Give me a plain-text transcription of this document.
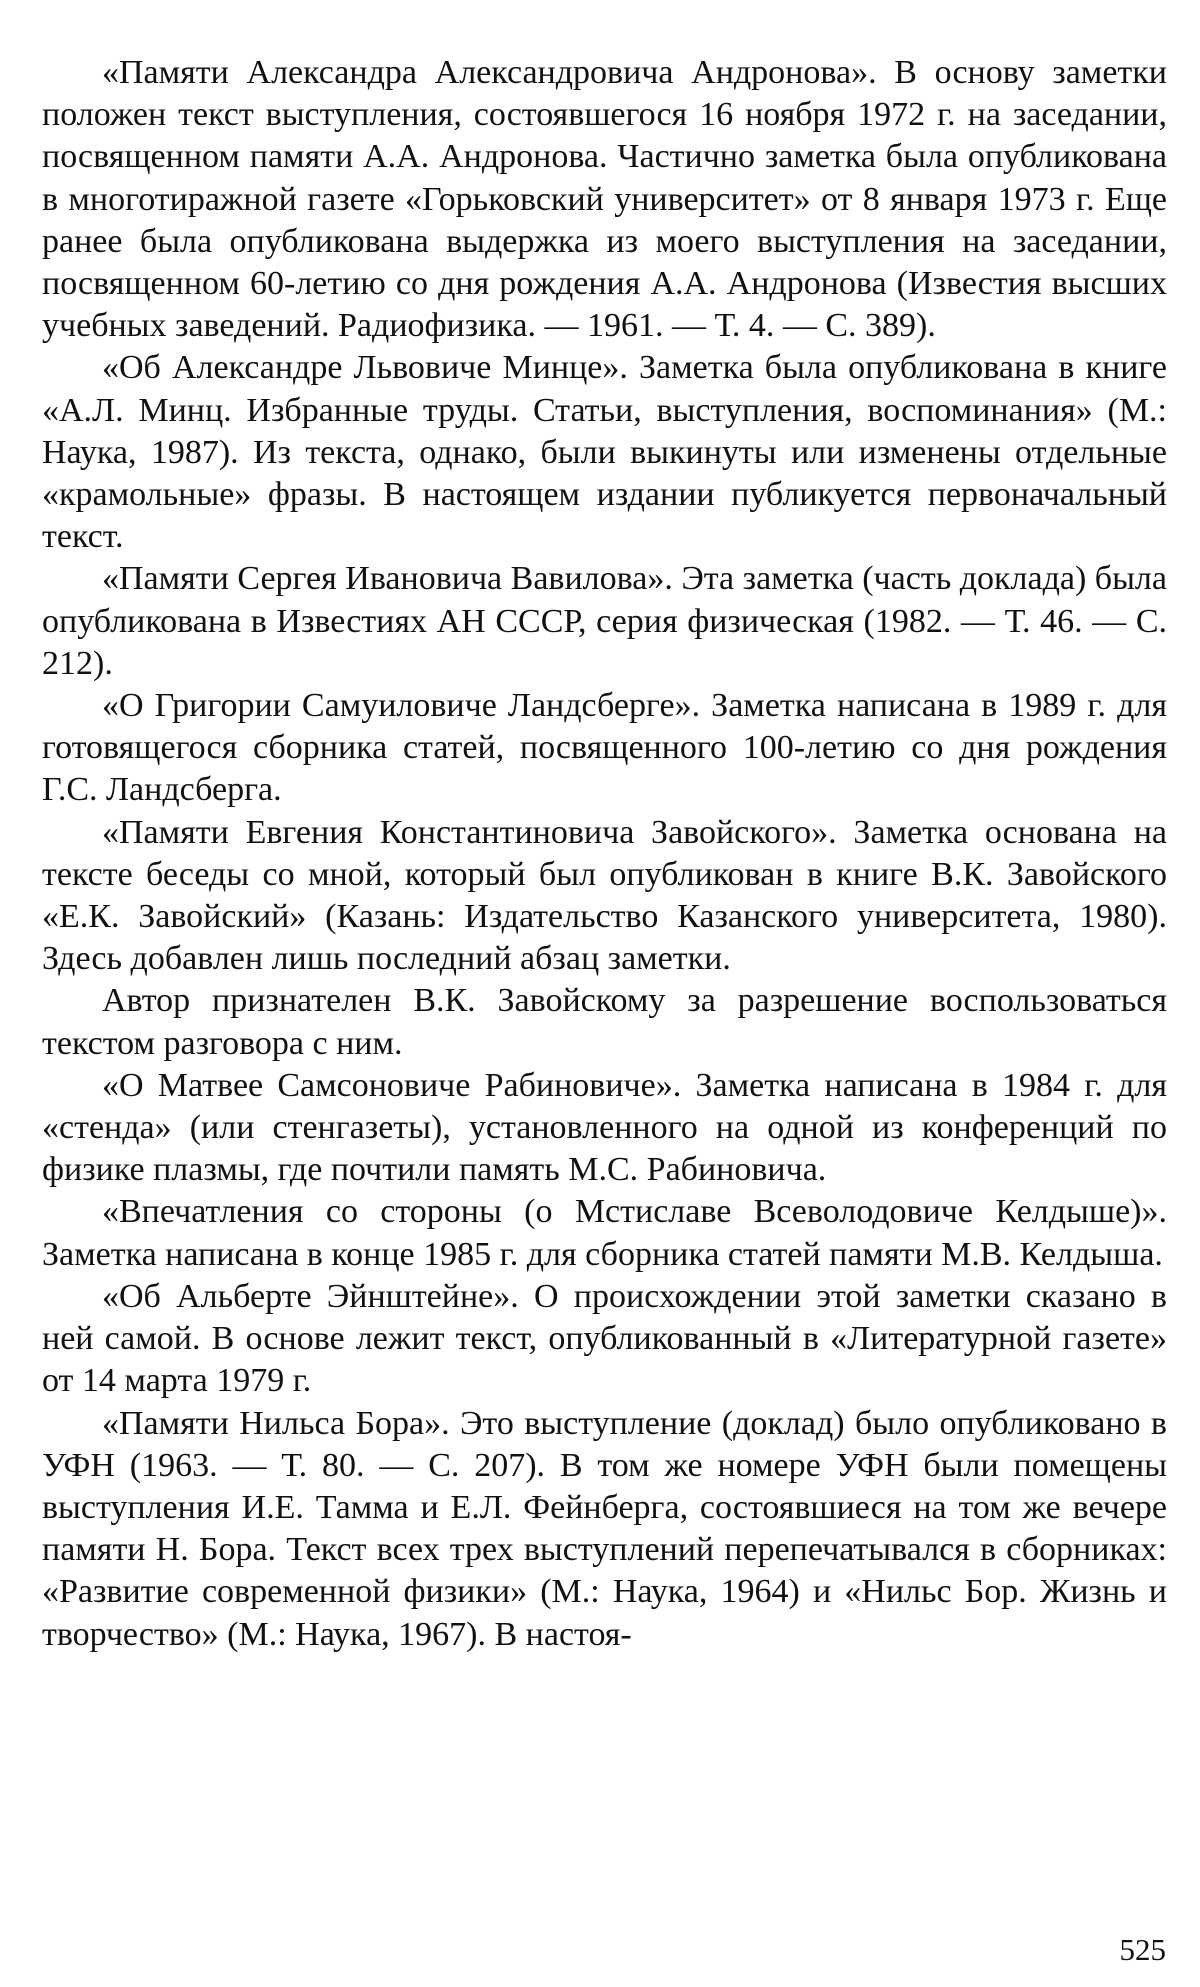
«Памяти Александра Александровича Андронова». В основу заметки положен текст выступления, состоявшегося 16 ноября 1972 г. на заседании, посвященном памяти А.А. Андронова. Частично заметка была опубликована в многотиражной газете «Горьковский университет» от 8 января 1973 г. Еще ранее была опубликована выдержка из моего выступления на заседании, посвященном 60-летию со дня рождения А.А. Андронова (Известия высших учебных заведений. Радиофизика. — 1961. — Т. 4. — С. 389).

«Об Александре Львовиче Минце». Заметка была опубликована в книге «А.Л. Минц. Избранные труды. Статьи, выступления, воспоминания» (М.: Наука, 1987). Из текста, однако, были выкинуты или изменены отдельные «крамольные» фразы. В настоящем издании публикуется первоначальный текст.

«Памяти Сергея Ивановича Вавилова». Эта заметка (часть доклада) была опубликована в Известиях АН СССР, серия физическая (1982. — Т. 46. — С. 212).

«О Григории Самуиловиче Ландсберге». Заметка написана в 1989 г. для готовящегося сборника статей, посвященного 100-летию со дня рождения Г.С. Ландсберга.

«Памяти Евгения Константиновича Завойского». Заметка основана на тексте беседы со мной, который был опубликован в книге В.К. Завойского «Е.К. Завойский» (Казань: Издательство Казанского университета, 1980). Здесь добавлен лишь последний абзац заметки.

Автор признателен В.К. Завойскому за разрешение воспользоваться текстом разговора с ним.

«О Матвее Самсоновиче Рабиновиче». Заметка написана в 1984 г. для «стенда» (или стенгазеты), установленного на одной из конференций по физике плазмы, где почтили память М.С. Рабиновича.

«Впечатления со стороны (о Мстиславе Всеволодовиче Келдыше)». Заметка написана в конце 1985 г. для сборника статей памяти М.В. Келдыша.

«Об Альберте Эйнштейне». О происхождении этой заметки сказано в ней самой. В основе лежит текст, опубликованный в «Литературной газете» от 14 марта 1979 г.

«Памяти Нильса Бора». Это выступление (доклад) было опубликовано в УФН (1963. — Т. 80. — С. 207). В том же номере УФН были помещены выступления И.Е. Тамма и Е.Л. Фейнберга, состоявшиеся на том же вечере памяти Н. Бора. Текст всех трех выступлений перепечатывался в сборниках: «Развитие современной физики» (М.: Наука, 1964) и «Нильс Бор. Жизнь и творчество» (М.: Наука, 1967). В настоя-

525
